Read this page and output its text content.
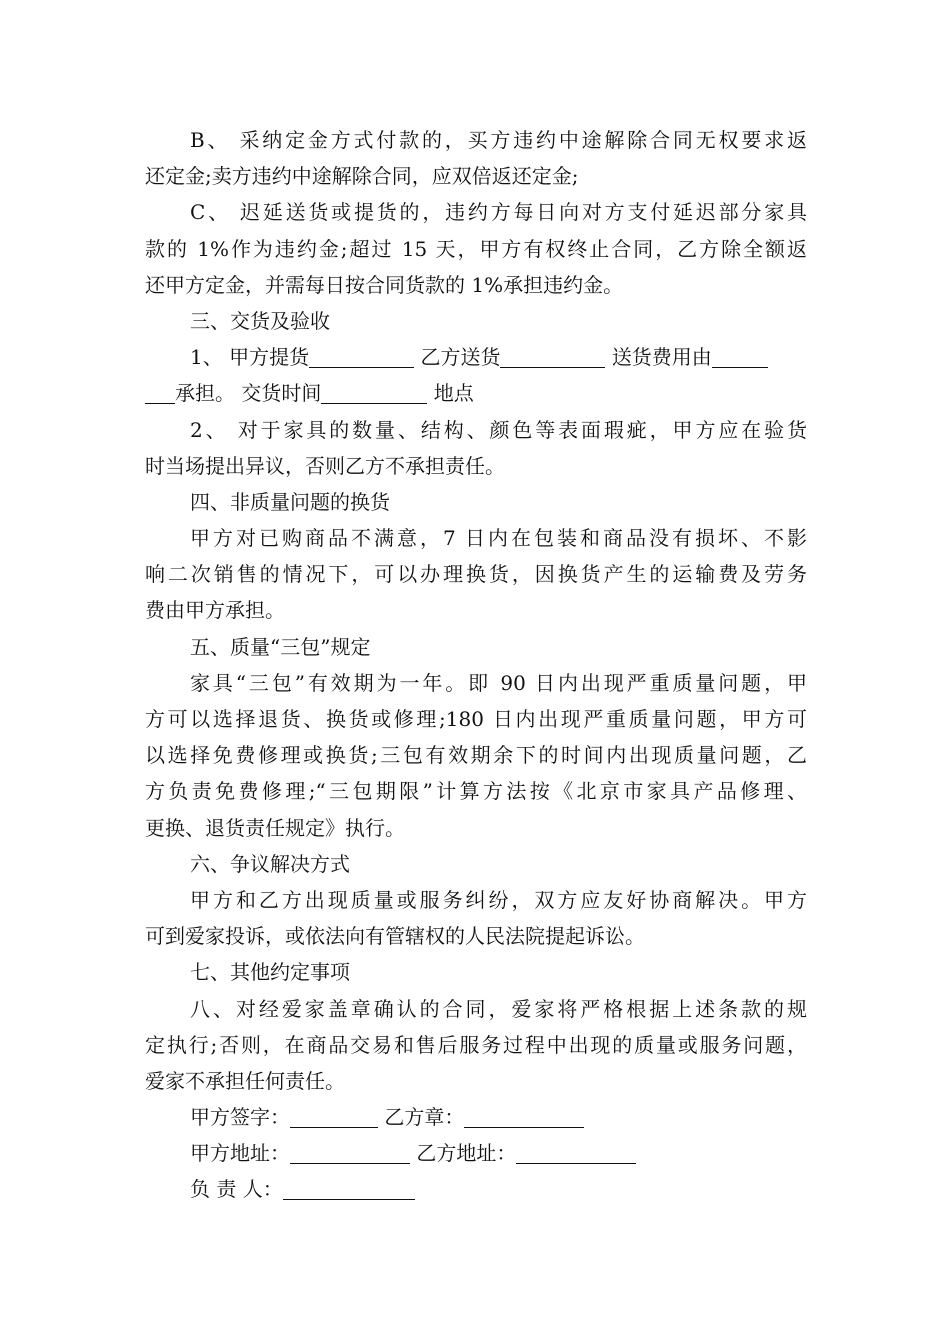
B、 采纳定金方式付款的，买方违约中途解除合同无权要求返
还定金;卖方违约中途解除合同，应双倍返还定金;
C、 迟延送货或提货的，违约方每日向对方支付延迟部分家具
款的 1%作为违约金;超过 15 天，甲方有权终止合同，乙方除全额返
还甲方定金，并需每日按合同货款的 1%承担违约金。
三、交货及验收
1、 甲方提货	乙方送货	送货费用由
承担。 交货时间	地点
2、 对于家具的数量、结构、颜色等表面瑕疵，甲方应在验货
时当场提出异议，否则乙方不承担责任。
四、非质量问题的换货
甲方对已购商品不满意，7 日内在包装和商品没有损坏、不影
响二次销售的情况下，可以办理换货，因换货产生的运输费及劳务
费由甲方承担。
五、质量“三包”规定
家具“三包”有效期为一年。即 90 日内出现严重质量问题，甲
方可以选择退货、换货或修理;180 日内出现严重质量问题，甲方可
以选择免费修理或换货;三包有效期余下的时间内出现质量问题，乙
方负责免费修理;“三包期限”计算方法按《北京市家具产品修理、
更换、退货责任规定》执行。
六、争议解决方式
甲方和乙方出现质量或服务纠纷，双方应友好协商解决。甲方
可到爱家投诉，或依法向有管辖权的人民法院提起诉讼。
七、其他约定事项
八、对经爱家盖章确认的合同，爱家将严格根据上述条款的规
定执行;否则，在商品交易和售后服务过程中出现的质量或服务问题，
爱家不承担任何责任。
甲方签字：	乙方章：
甲方地址：	乙方地址：
负 责 人：
